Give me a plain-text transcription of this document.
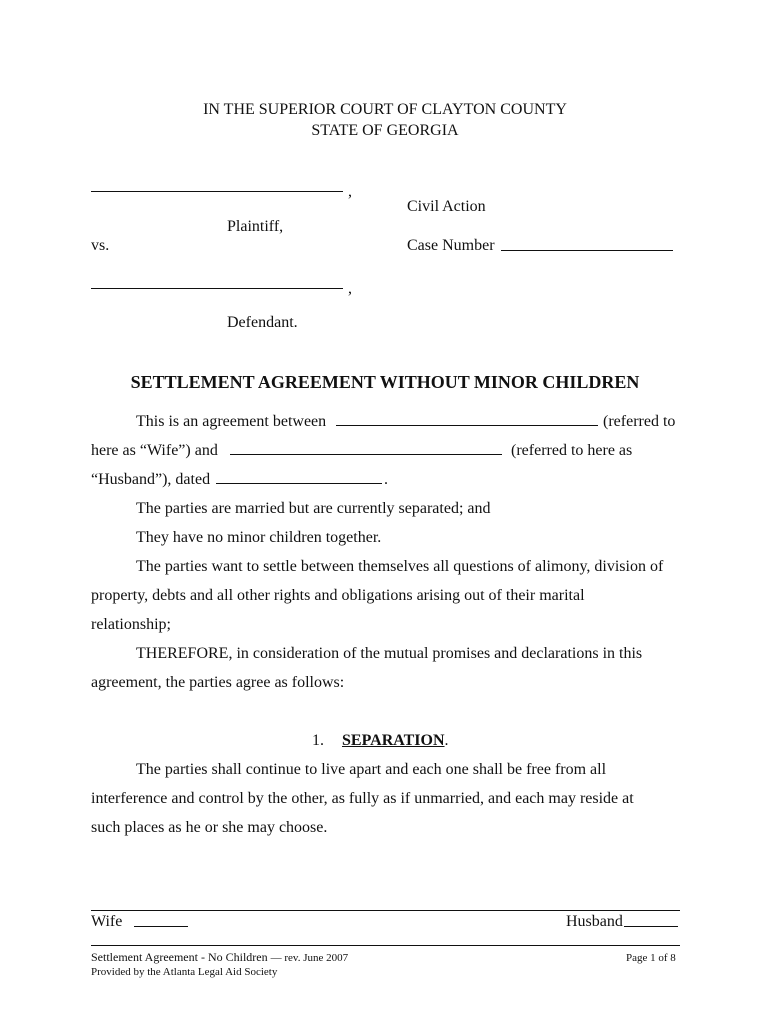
IN THE SUPERIOR COURT OF CLAYTON COUNTY
STATE OF GEORGIA
,
Plaintiff,
vs.
Civil Action
Case Number
,
Defendant.
SETTLEMENT AGREEMENT WITHOUT MINOR CHILDREN
This is an agreement between	(referred to
here as “Wife”) and	(referred to here as
“Husband”), dated	.
The parties are married but are currently separated; and
They have no minor children together.
The parties want to settle between themselves all questions of alimony, division of
property, debts and all other rights and obligations arising out of their marital
relationship;
THEREFORE, in consideration of the mutual promises and declarations in this
agreement, the parties agree as follows:
1. SEPARATION.
The parties shall continue to live apart and each one shall be free from all
interference and control by the other, as fully as if unmarried, and each may reside at
such places as he or she may choose.
Wife	Husband
Settlement Agreement - No Children — rev. June 2007
Provided by the Atlanta Legal Aid Society
Page 1 of 8
